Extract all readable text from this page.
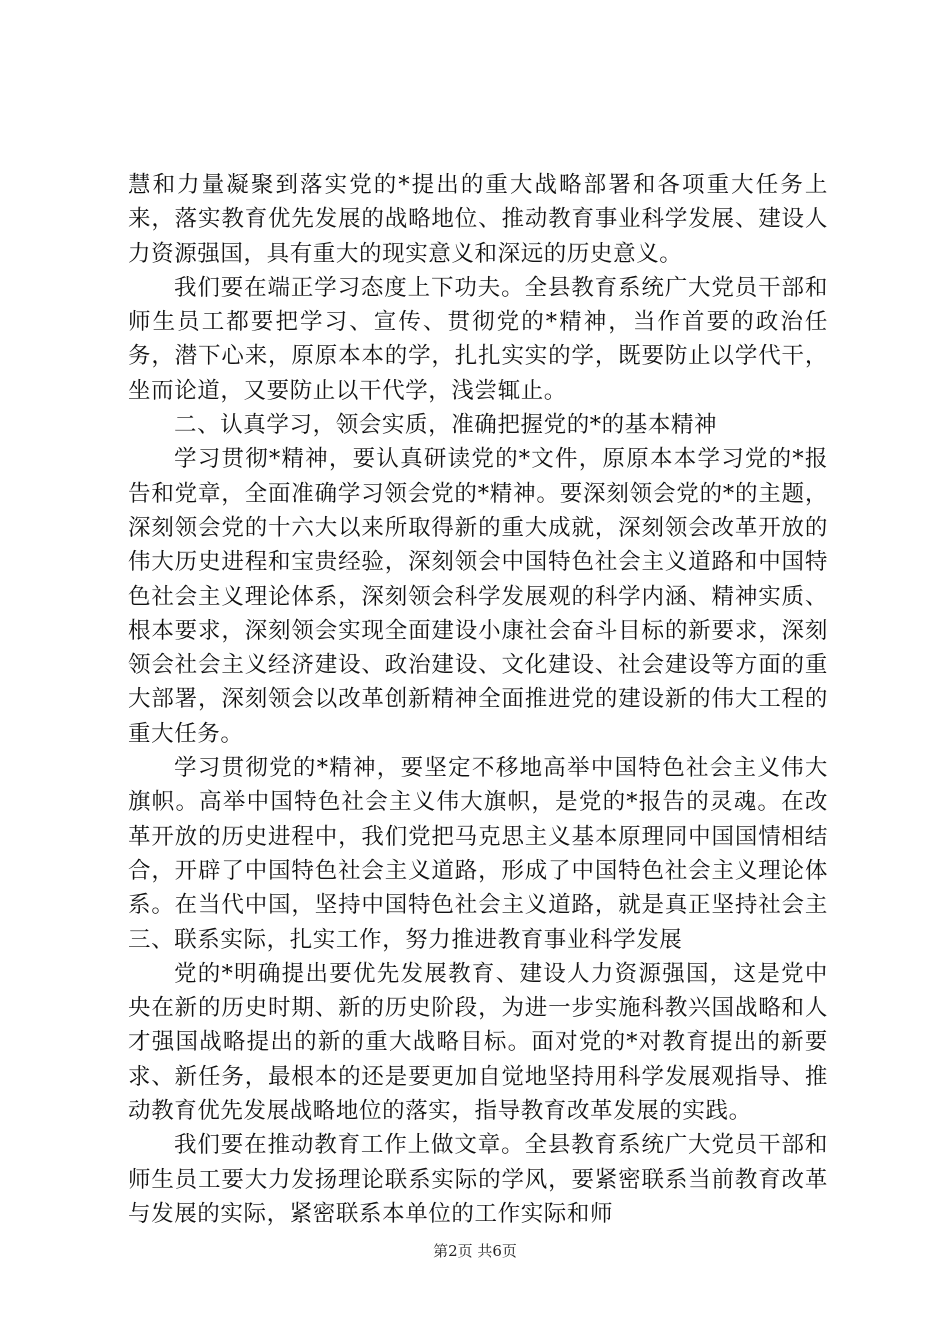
慧和力量凝聚到落实党的*提出的重大战略部署和各项重大任务上来，落实教育优先发展的战略地位、推动教育事业科学发展、建设人力资源强国，具有重大的现实意义和深远的历史意义。

我们要在端正学习态度上下功夫。全县教育系统广大党员干部和师生员工都要把学习、宣传、贯彻党的*精神，当作首要的政治任务，潜下心来，原原本本的学，扎扎实实的学，既要防止以学代干，坐而论道，又要防止以干代学，浅尝辄止。

二、认真学习，领会实质，准确把握党的*的基本精神

学习贯彻*精神，要认真研读党的*文件，原原本本学习党的*报告和党章，全面准确学习领会党的*精神。要深刻领会党的*的主题，深刻领会党的十六大以来所取得新的重大成就，深刻领会改革开放的伟大历史进程和宝贵经验，深刻领会中国特色社会主义道路和中国特色社会主义理论体系，深刻领会科学发展观的科学内涵、精神实质、根本要求，深刻领会实现全面建设小康社会奋斗目标的新要求，深刻领会社会主义经济建设、政治建设、文化建设、社会建设等方面的重大部署，深刻领会以改革创新精神全面推进党的建设新的伟大工程的重大任务。

学习贯彻党的*精神，要坚定不移地高举中国特色社会主义伟大旗帜。高举中国特色社会主义伟大旗帜，是党的*报告的灵魂。在改革开放的历史进程中，我们党把马克思主义基本原理同中国国情相结合，开辟了中国特色社会主义道路，形成了中国特色社会主义理论体系。在当代中国，坚持中国特色社会主义道路，就是真正坚持社会主三、联系实际，扎实工作，努力推进教育事业科学发展

党的*明确提出要优先发展教育、建设人力资源强国，这是党中央在新的历史时期、新的历史阶段，为进一步实施科教兴国战略和人才强国战略提出的新的重大战略目标。面对党的*对教育提出的新要求、新任务，最根本的还是要更加自觉地坚持用科学发展观指导、推动教育优先发展战略地位的落实，指导教育改革发展的实践。

我们要在推动教育工作上做文章。全县教育系统广大党员干部和师生员工要大力发扬理论联系实际的学风，要紧密联系当前教育改革与发展的实际，紧密联系本单位的工作实际和师

第2页 共6页
